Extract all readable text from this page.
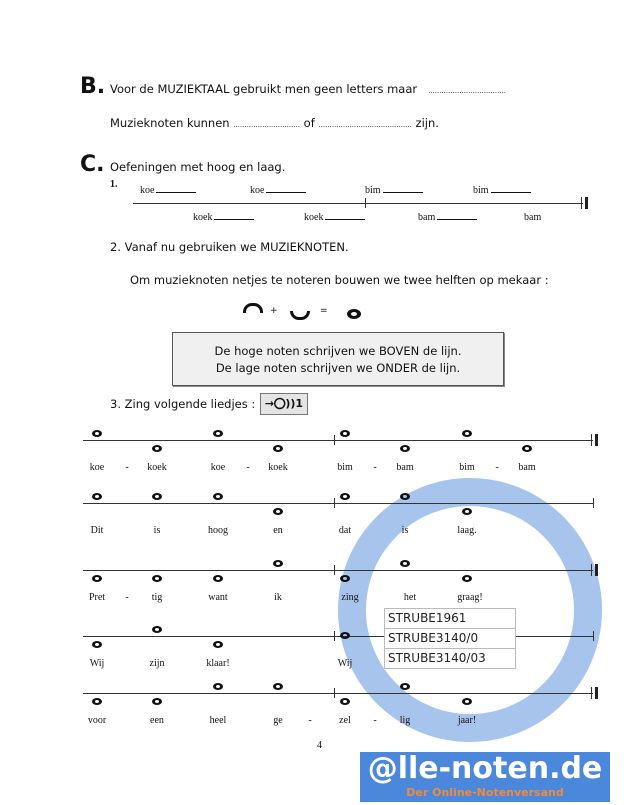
B. Voor de MUZIEKTAAL gebruikt men geen letters maar ...................................
Muzieknoten kunnen .............................. of .......................................... zijn.
C. Oefeningen met hoog en laag.
1.
koe	koe	bim	bim
koek	koek	bam	bam
2. Vanaf nu gebruiken we MUZIEKNOTEN.
Om muzieknoten netjes te noteren bouwen we twee helften op mekaar :
+	=
De hoge noten schrijven we BOVEN de lijn.
De lage noten schrijven we ONDER de lijn.
3. Zing volgende liedjes : →⭕︎))1
koe - koek	koe - koek	bim - bam	bim - bam
Dit	is	hoog	en	dat	is	laag.
Pret - tig	want	ik	zing	het	graag!
Wij	zijn	klaar!	Wij
voor	een	heel	ge	-	zel - lig	jaar!
4
STRUBE1961
STRUBE3140/0
STRUBE3140/03
@lle-noten.de
Der Online-Notenversand
